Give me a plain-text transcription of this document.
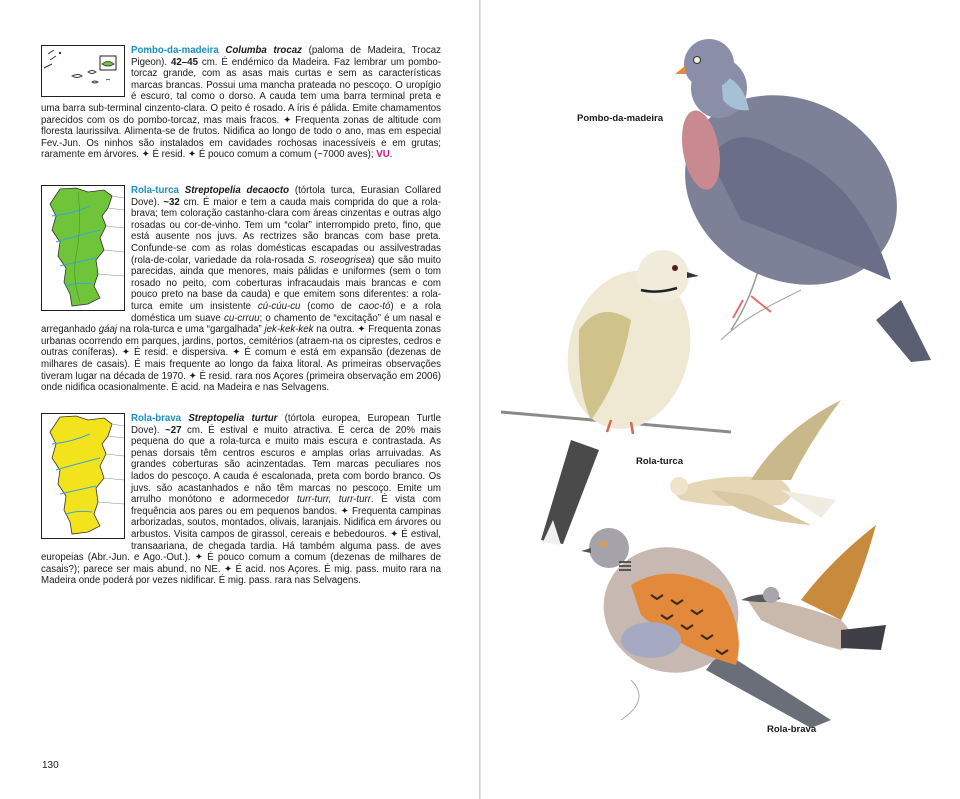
Pombo-da-madeira Columba trocaz (paloma de Madeira, Trocaz Pigeon). 42–45 cm. É endémico da Madeira. Faz lembrar um pombo-torcaz grande, com as asas mais curtas e sem as características marcas brancas. Possui uma mancha prateada no pescoço. O uropígio é escuro, tal como o dorso. A cauda tem uma barra terminal preta e uma barra sub-terminal cinzento-clara. O peito é rosado. A íris é pálida. Emite chamamentos parecidos com os do pombo-torcaz, mas mais fracos. ✦ Frequenta zonas de altitude com floresta laurissilva. Alimenta-se de frutos. Nidifica ao longo de todo o ano, mas em especial Fev.-Jun. Os ninhos são instalados em cavidades rochosas inacessíveis e em grutas; raramente em árvores. ✦ É resid. ✦ É pouco comum a comum (~7000 aves); VU.
Rola-turca Streptopelia decaocto (tórtola turca, Eurasian Collared Dove). ~32 cm. É maior e tem a cauda mais comprida do que a rola-brava; tem coloração castanho-clara com áreas cinzentas e outras algo rosadas ou cor-de-vinho. Tem um “colar” interrompido preto, fino, que está ausente nos juvs. As rectrizes são brancas com base preta. Confunde-se com as rolas domésticas escapadas ou assilvestradas (rola-de-colar, variedade da rola-rosada S. roseogrisea) que são muito parecidas, ainda que menores, mais pálidas e uniformes (sem o tom rosado no peito, com coberturas infracaudais mais brancas e com pouco preto na base da cauda) e que emitem sons diferentes: a rola-turca emite um insistente cú-cúu-cu (como de caoc-tó) e a rola doméstica um suave cu-crruu; o chamento de “excitação” é um nasal e arreganhado gáaj na rola-turca e uma “gargalhada” jek-kek-kek na outra. ✦ Frequenta zonas urbanas ocorrendo em parques, jardins, portos, cemitérios (atraem-na os ciprestes, cedros e outras coníferas). ✦ É resid. e dispersiva. ✦ É comum e está em expansão (dezenas de milhares de casais). É mais frequente ao longo da faixa litoral. As primeiras observações tiveram lugar na década de 1970. ✦ É resid. rara nos Açores (primeira observação em 2006) onde nidifica ocasionalmente. É acid. na Madeira e nas Selvagens.
Rola-brava Streptopelia turtur (tórtola europea, European Turtle Dove). ~27 cm. É estival e muito atractiva. É cerca de 20% mais pequena do que a rola-turca e muito mais escura e contrastada. As penas dorsais têm centros escuros e amplas orlas arruivadas. As grandes coberturas são acinzentadas. Tem marcas peculiares nos lados do pescoço. A cauda é escalonada, preta com bordo branco. Os juvs. são acastanhados e não têm marcas no pescoço. Emite um arrulho monótono e adormecedor turr-turr, turr-turr. É vista com frequência aos pares ou em pequenos bandos. ✦ Frequenta campinas arborizadas, soutos, montados, olivais, laranjais. Nidifica em árvores ou arbustos. Visita campos de girassol, cereais e bebedouros. ✦ É estival, transaariana, de chegada tardia. Há também alguma pass. de aves europeias (Abr.-Jun. e Ago.-Out.). ✦ É pouco comum a comum (dezenas de milhares de casais?); parece ser mais abund. no NE. ✦ É acid. nos Açores. É mig. pass. muito rara na Madeira onde poderá por vezes nidificar. É mig. pass. rara nas Selvagens.
130
Pombo-da-madeira
Rola-turca
Rola-brava
